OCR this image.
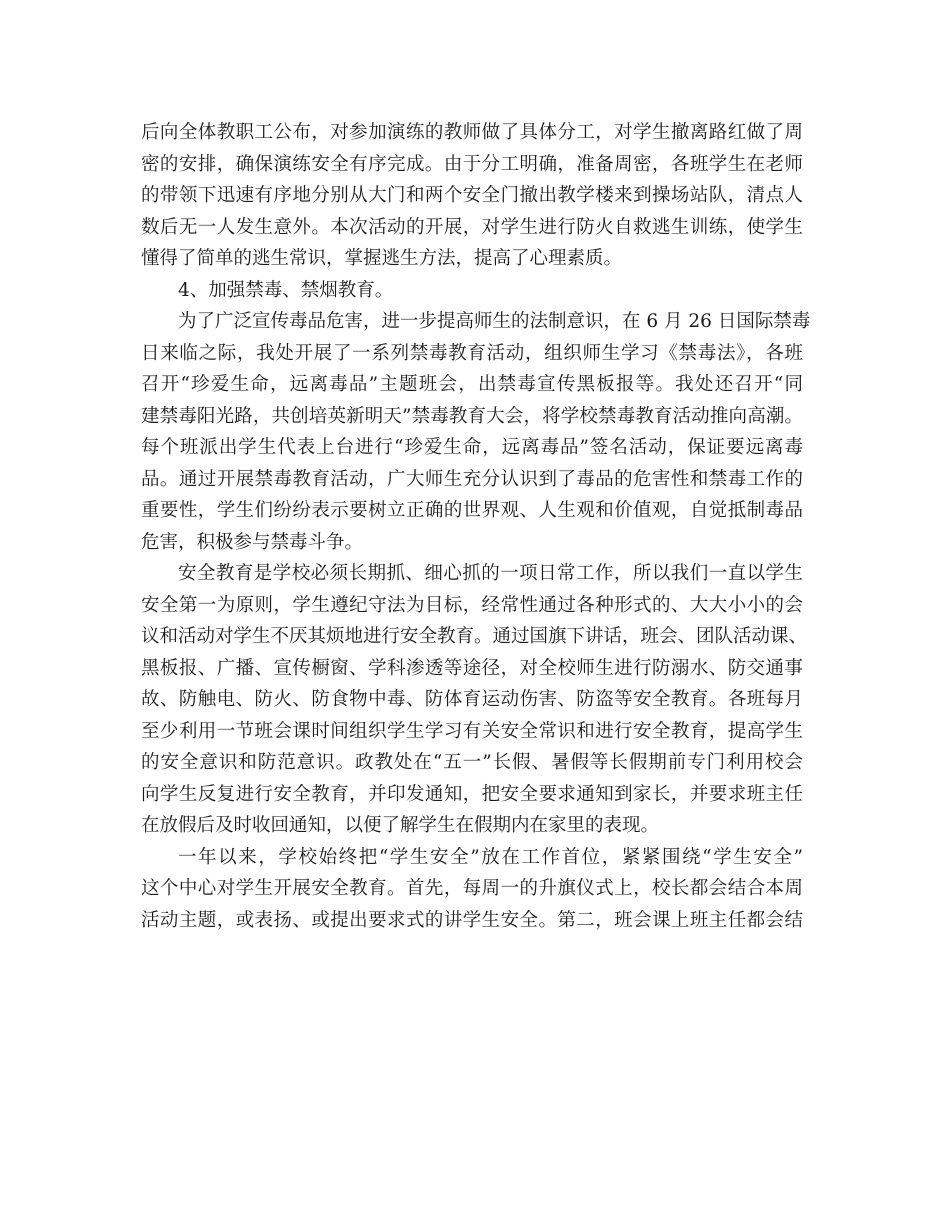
后向全体教职工公布，对参加演练的教师做了具体分工，对学生撤离路红做了周
密的安排，确保演练安全有序完成。由于分工明确，准备周密，各班学生在老师
的带领下迅速有序地分别从大门和两个安全门撤出教学楼来到操场站队，清点人
数后无一人发生意外。本次活动的开展，对学生进行防火自救逃生训练，使学生
懂得了简单的逃生常识，掌握逃生方法，提高了心理素质。
4、加强禁毒、禁烟教育。
为了广泛宣传毒品危害，进一步提高师生的法制意识，在 6 月 26 日国际禁毒
日来临之际，我处开展了一系列禁毒教育活动，组织师生学习《禁毒法》，各班
召开“珍爱生命，远离毒品”主题班会，出禁毒宣传黑板报等。我处还召开“同
建禁毒阳光路，共创培英新明天”禁毒教育大会，将学校禁毒教育活动推向高潮。
每个班派出学生代表上台进行“珍爱生命，远离毒品”签名活动，保证要远离毒
品。通过开展禁毒教育活动，广大师生充分认识到了毒品的危害性和禁毒工作的
重要性，学生们纷纷表示要树立正确的世界观、人生观和价值观，自觉抵制毒品
危害，积极参与禁毒斗争。
安全教育是学校必须长期抓、细心抓的一项日常工作，所以我们一直以学生
安全第一为原则，学生遵纪守法为目标，经常性通过各种形式的、大大小小的会
议和活动对学生不厌其烦地进行安全教育。通过国旗下讲话，班会、团队活动课、
黑板报、广播、宣传橱窗、学科渗透等途径，对全校师生进行防溺水、防交通事
故、防触电、防火、防食物中毒、防体育运动伤害、防盗等安全教育。各班每月
至少利用一节班会课时间组织学生学习有关安全常识和进行安全教育，提高学生
的安全意识和防范意识。政教处在“五一”长假、暑假等长假期前专门利用校会
向学生反复进行安全教育，并印发通知，把安全要求通知到家长，并要求班主任
在放假后及时收回通知，以便了解学生在假期内在家里的表现。
一年以来，学校始终把“学生安全”放在工作首位，紧紧围绕“学生安全”
这个中心对学生开展安全教育。首先，每周一的升旗仪式上，校长都会结合本周
活动主题，或表扬、或提出要求式的讲学生安全。第二，班会课上班主任都会结
